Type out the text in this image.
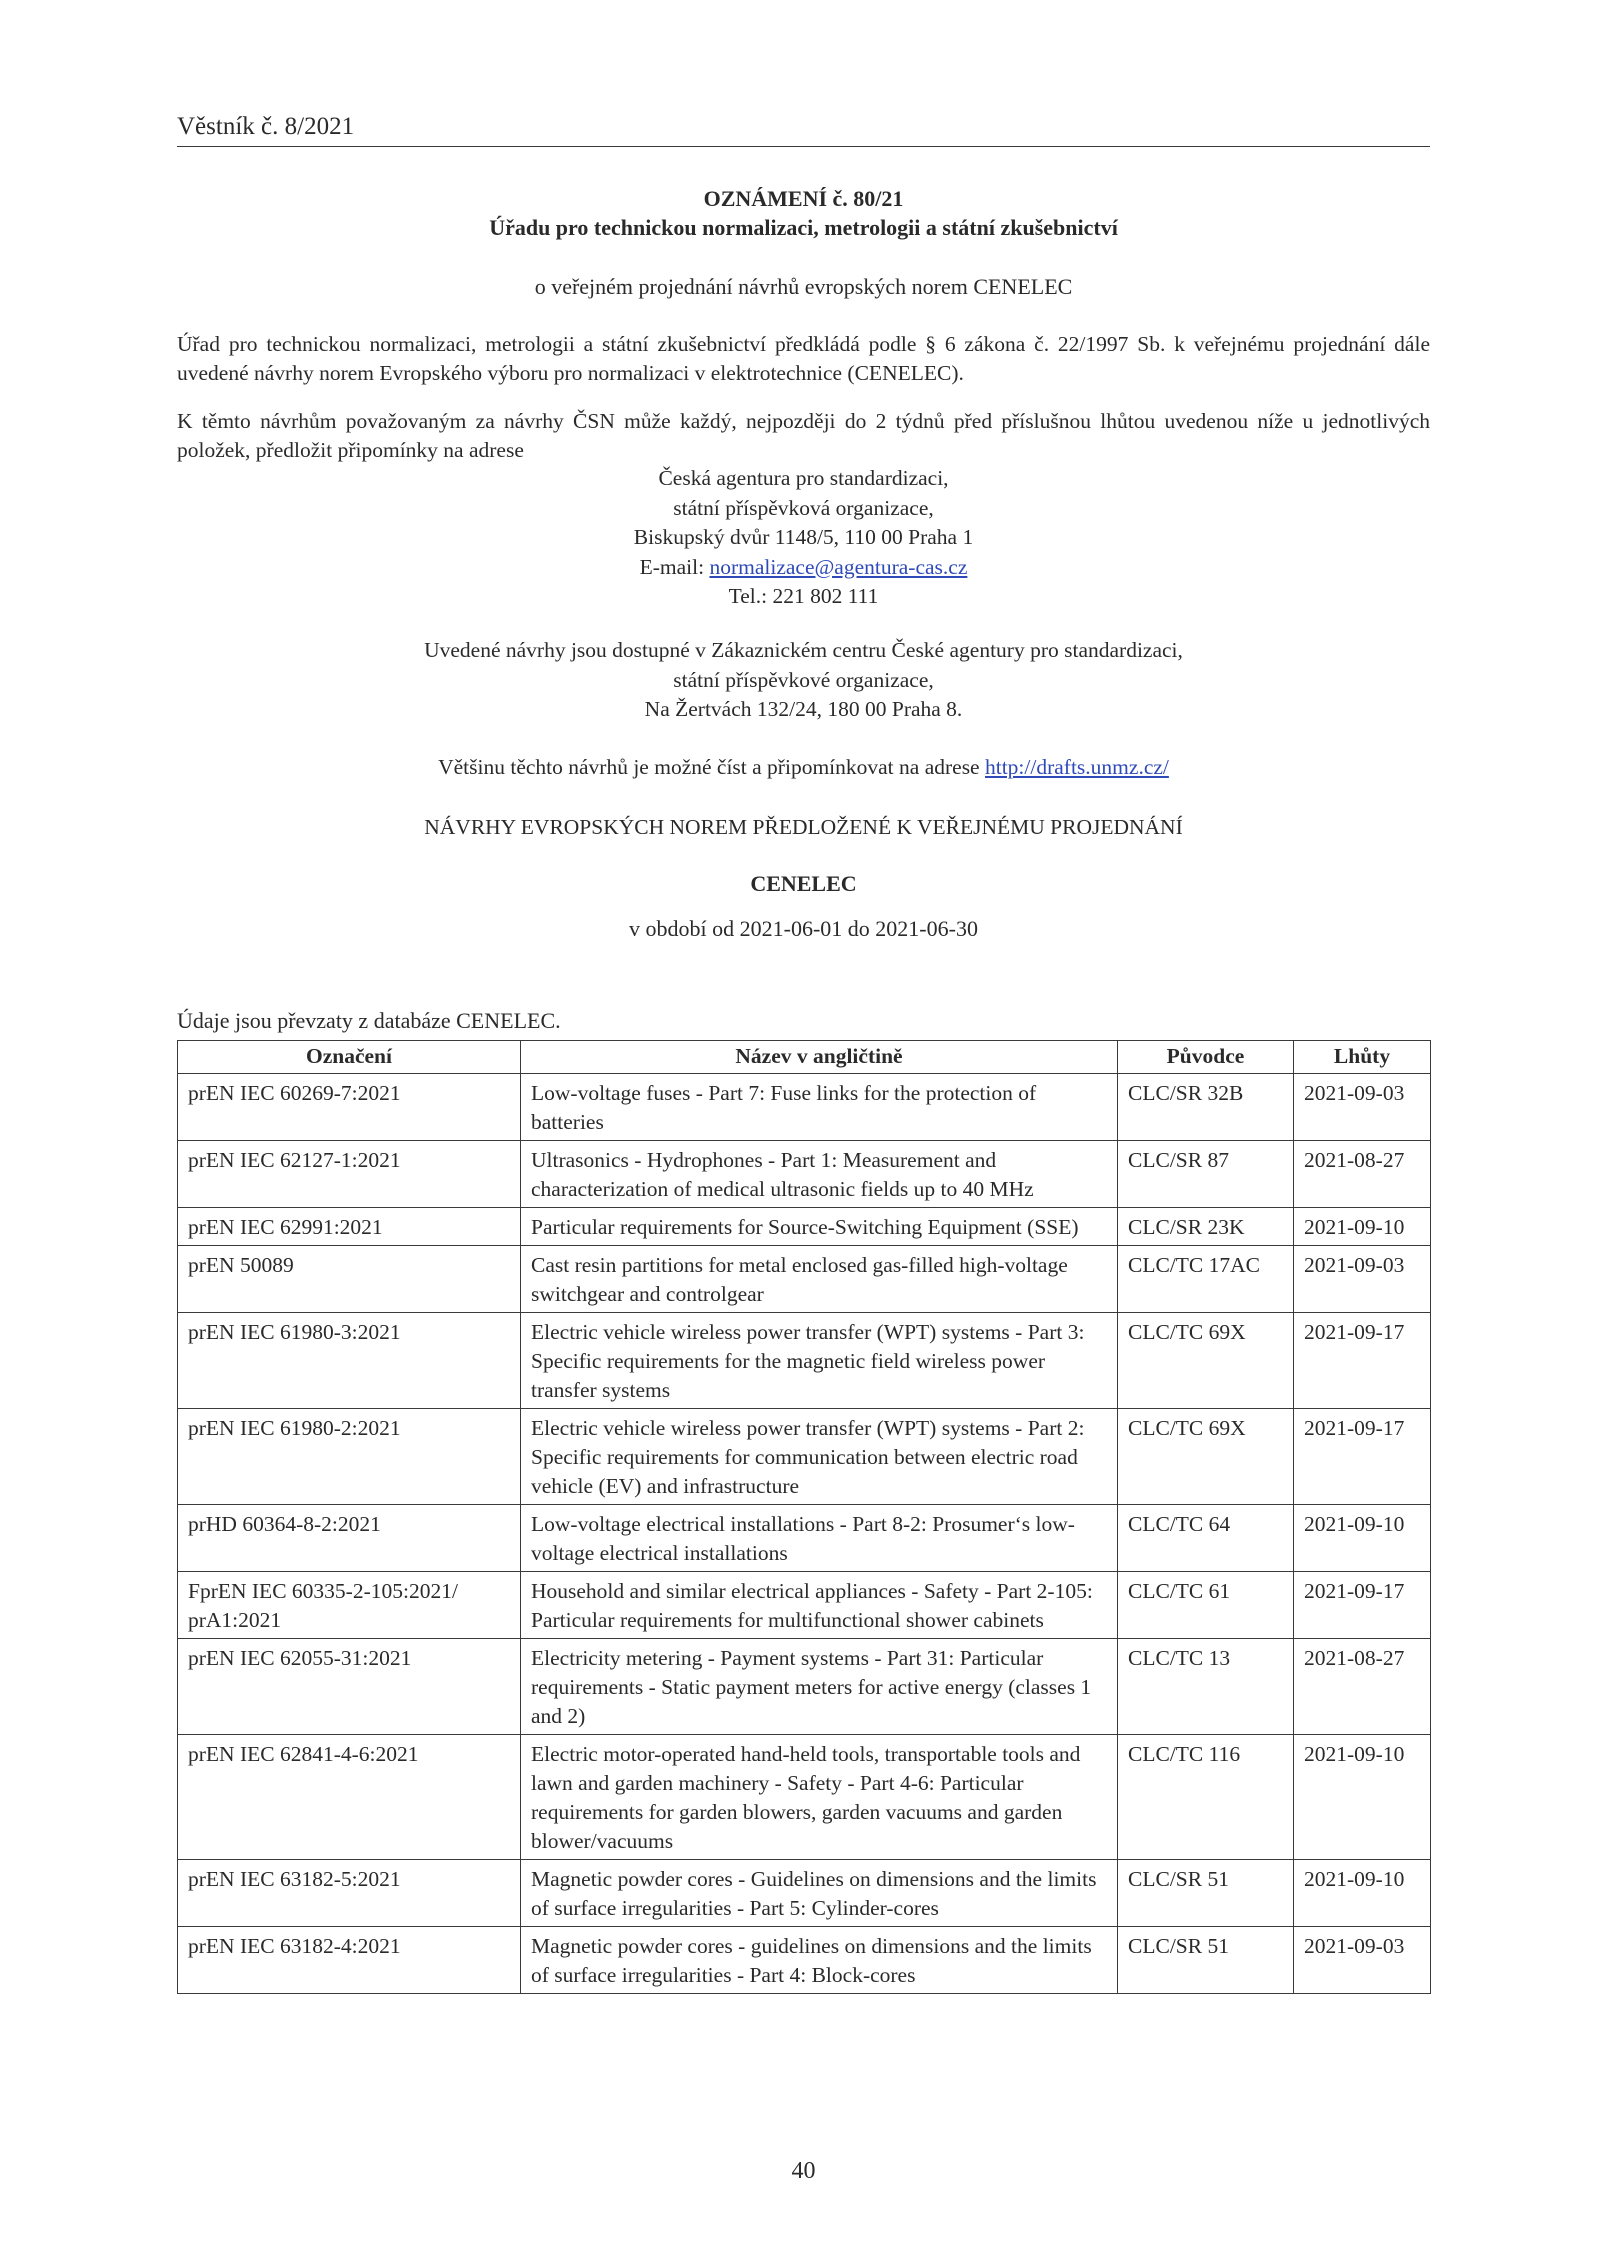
Věstník č. 8/2021
OZNÁMENÍ č. 80/21
Úřadu pro technickou normalizaci, metrologii a státní zkušebnictví
o veřejném projednání návrhů evropských norem CENELEC
Úřad pro technickou normalizaci, metrologii a státní zkušebnictví předkládá podle § 6 zákona č. 22/1997 Sb. k veřejnému projednání dále uvedené návrhy norem Evropského výboru pro normalizaci v elektrotechnice (CENELEC).
K těmto návrhům považovaným za návrhy ČSN může každý, nejpozději do 2 týdnů před příslušnou lhůtou uvedenou níže u jednotlivých položek, předložit připomínky na adrese
Česká agentura pro standardizaci,
státní příspěvková organizace,
Biskupský dvůr 1148/5, 110 00 Praha 1
E-mail: normalizace@agentura-cas.cz
Tel.: 221 802 111
Uvedené návrhy jsou dostupné v Zákaznickém centru České agentury pro standardizaci,
státní příspěvkové organizace,
Na Žertvách 132/24, 180 00 Praha 8.
Většinu těchto návrhů je možné číst a připomínkovat na adrese http://drafts.unmz.cz/
NÁVRHY EVROPSKÝCH NOREM PŘEDLOŽENÉ K VEŘEJNÉMU PROJEDNÁNÍ
CENELEC
v období od 2021-06-01 do 2021-06-30
Údaje jsou převzaty z databáze CENELEC.
Označení	Název v angličtině	Původce	Lhůty
prEN IEC 60269-7:2021	Low-voltage fuses - Part 7: Fuse links for the protection of batteries	CLC/SR 32B	2021-09-03
prEN IEC 62127-1:2021	Ultrasonics - Hydrophones - Part 1: Measurement and characterization of medical ultrasonic fields up to 40 MHz	CLC/SR 87	2021-08-27
prEN IEC 62991:2021	Particular requirements for Source-Switching Equipment (SSE)	CLC/SR 23K	2021-09-10
prEN 50089	Cast resin partitions for metal enclosed gas-filled high-voltage switchgear and controlgear	CLC/TC 17AC	2021-09-03
prEN IEC 61980-3:2021	Electric vehicle wireless power transfer (WPT) systems - Part 3: Specific requirements for the magnetic field wireless power transfer systems	CLC/TC 69X	2021-09-17
prEN IEC 61980-2:2021	Electric vehicle wireless power transfer (WPT) systems - Part 2: Specific requirements for communication between electric road vehicle (EV) and infrastructure	CLC/TC 69X	2021-09-17
prHD 60364-8-2:2021	Low-voltage electrical installations - Part 8-2: Prosumer‘s low-voltage electrical installations	CLC/TC 64	2021-09-10
FprEN IEC 60335-2-105:2021/ prA1:2021	Household and similar electrical appliances - Safety - Part 2-105: Particular requirements for multifunctional shower cabinets	CLC/TC 61	2021-09-17
prEN IEC 62055-31:2021	Electricity metering - Payment systems - Part 31: Particular requirements - Static payment meters for active energy (classes 1 and 2)	CLC/TC 13	2021-08-27
prEN IEC 62841-4-6:2021	Electric motor-operated hand-held tools, transportable tools and lawn and garden machinery - Safety - Part 4-6: Particular requirements for garden blowers, garden vacuums and garden blower/vacuums	CLC/TC 116	2021-09-10
prEN IEC 63182-5:2021	Magnetic powder cores - Guidelines on dimensions and the limits of surface irregularities - Part 5: Cylinder-cores	CLC/SR 51	2021-09-10
prEN IEC 63182-4:2021	Magnetic powder cores - guidelines on dimensions and the limits of surface irregularities - Part 4: Block-cores	CLC/SR 51	2021-09-03
40
